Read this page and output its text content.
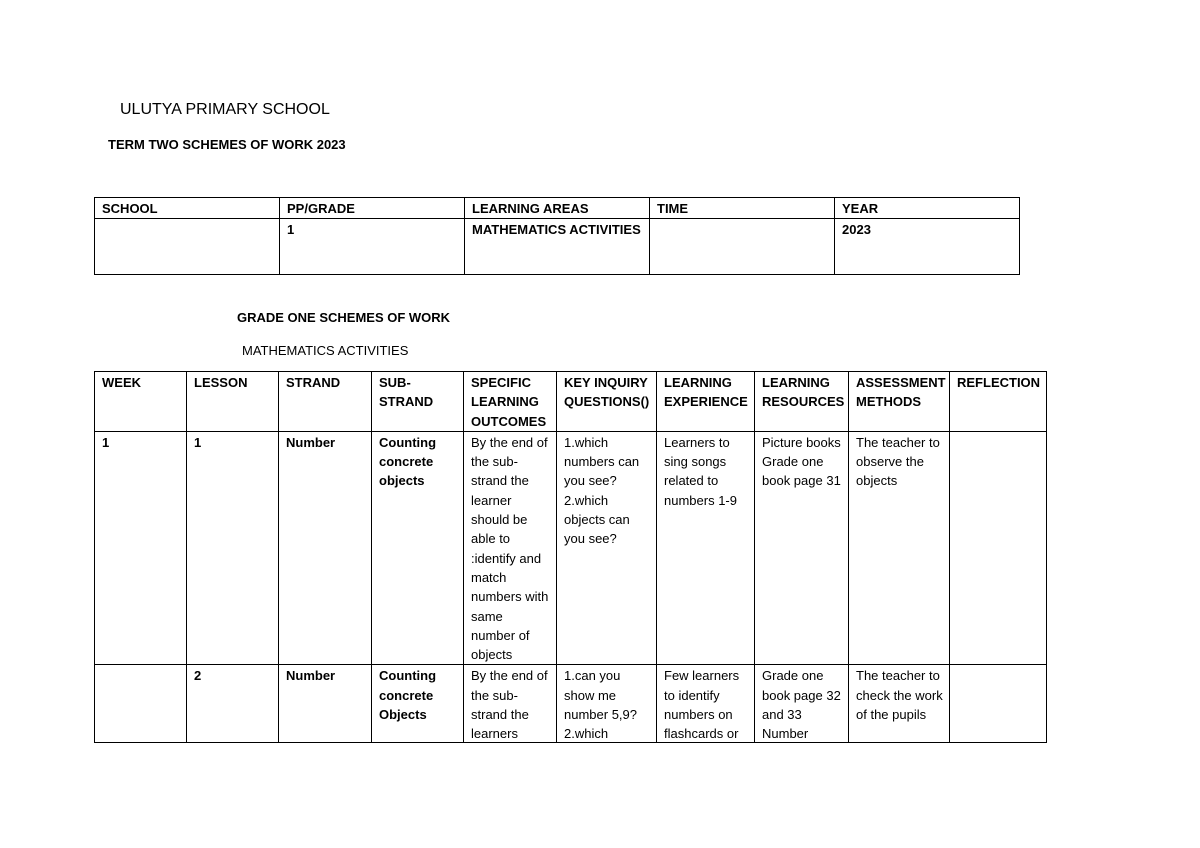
ULUTYA PRIMARY SCHOOL
TERM TWO SCHEMES OF WORK 2023
SCHOOL	PP/GRADE	LEARNING AREAS	TIME	YEAR
	1	MATHEMATICS ACTIVITIES		2023
GRADE ONE SCHEMES OF WORK
MATHEMATICS ACTIVITIES
WEEK	LESSON	STRAND	SUB-STRAND	SPECIFIC LEARNING OUTCOMES	KEY INQUIRY QUESTIONS()	LEARNING EXPERIENCE	LEARNING RESOURCES	ASSESSMENT METHODS	REFLECTION
1	1	Number	Counting concrete objects	By the end of the sub-strand the learner should be able to :identify and match numbers with same number of objects	1.which numbers can you see? 2.which objects can you see?	Learners to sing songs related to numbers 1-9	Picture books Grade one book page 31	The teacher to observe the objects	

	2	Number	Counting concrete Objects	By the end of the sub-strand the learners	1.can you show me number 5,9? 2.which	Few learners to identify numbers on flashcards or	Grade one book page 32 and 33 Number	The teacher to check the work of the pupils	
